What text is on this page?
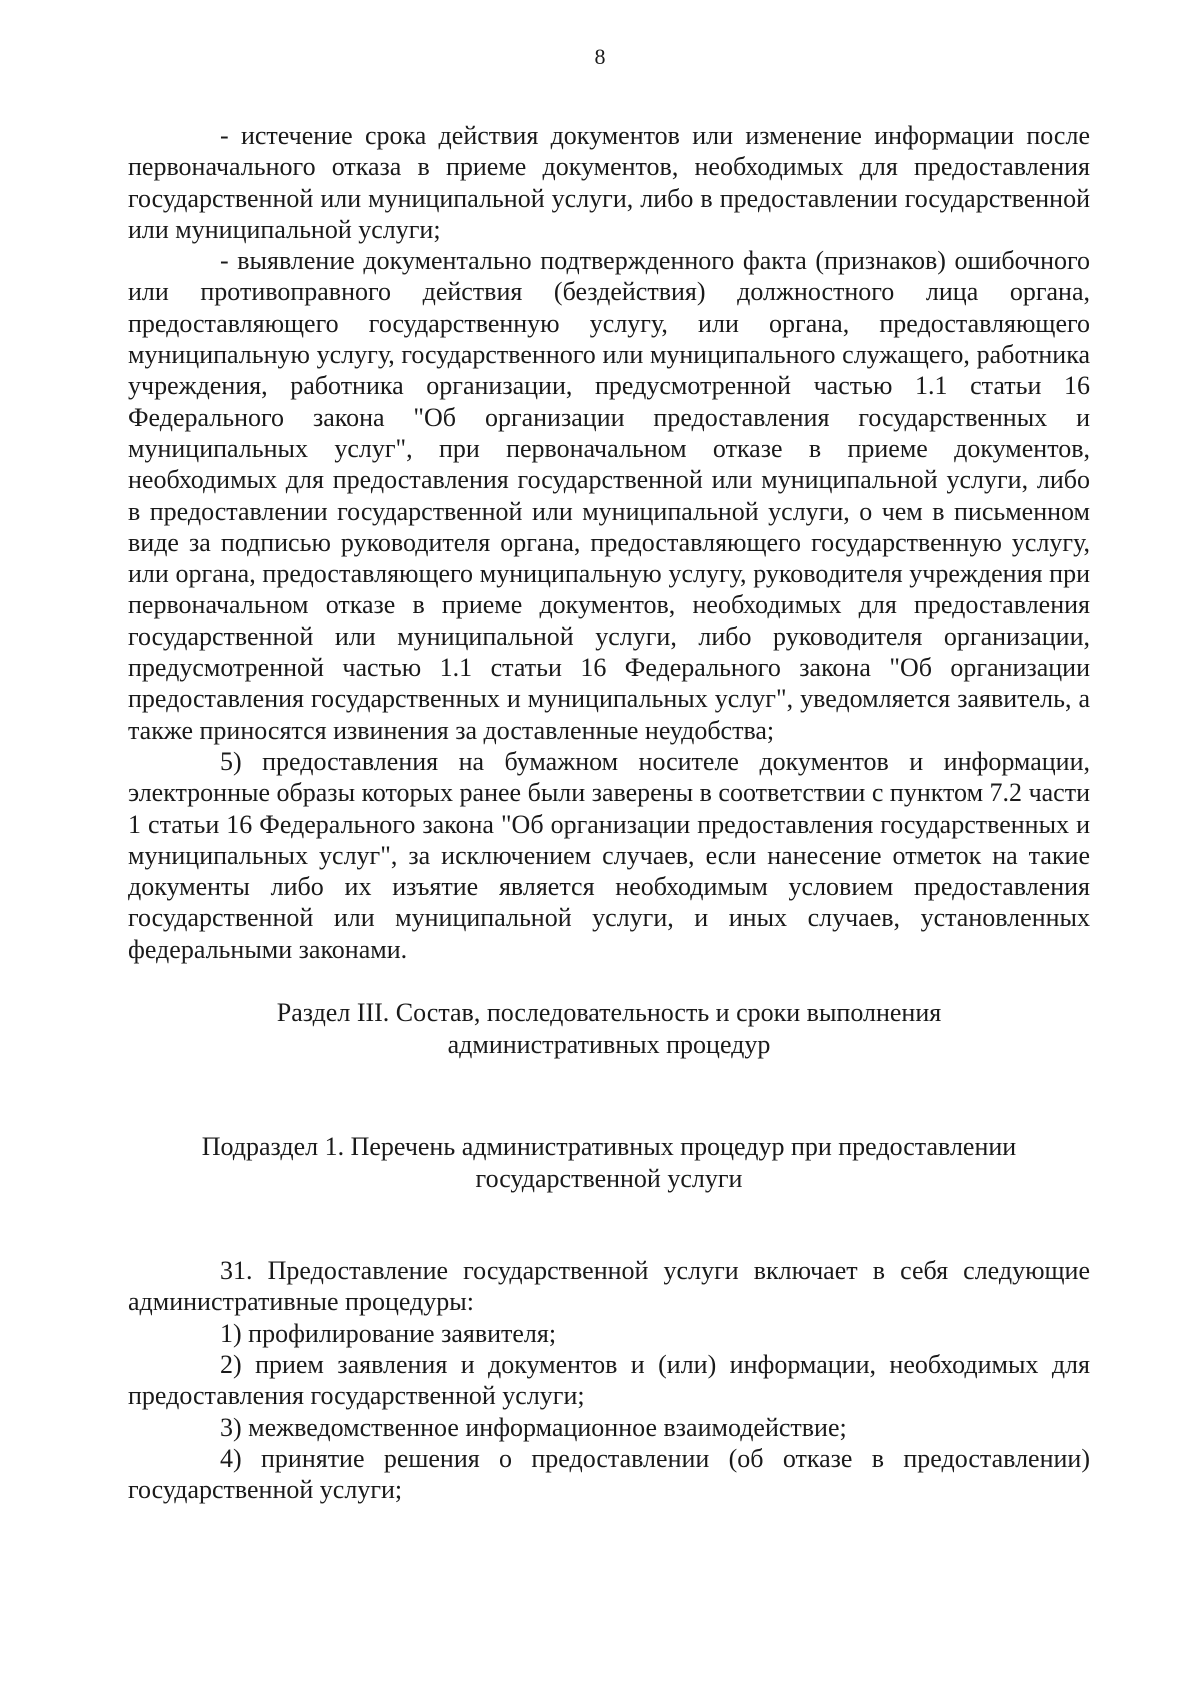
8

- истечение срока действия документов или изменение информации после первоначального отказа в приеме документов, необходимых для предоставления государственной или муниципальной услуги, либо в предоставлении государственной или муниципальной услуги;

- выявление документально подтвержденного факта (признаков) ошибочного или противоправного действия (бездействия) должностного лица органа, предоставляющего государственную услугу, или органа, предоставляющего муниципальную услугу, государственного или муниципального служащего, работника учреждения, работника организации, предусмотренной частью 1.1 статьи 16 Федерального закона "Об организации предоставления государственных и муниципальных услуг", при первоначальном отказе в приеме документов, необходимых для предоставления государственной или муниципальной услуги, либо в предоставлении государственной или муниципальной услуги, о чем в письменном виде за подписью руководителя органа, предоставляющего государственную услугу, или органа, предоставляющего муниципальную услугу, руководителя учреждения при первоначальном отказе в приеме документов, необходимых для предоставления государственной или муниципальной услуги, либо руководителя организации, предусмотренной частью 1.1 статьи 16 Федерального закона "Об организации предоставления государственных и муниципальных услуг", уведомляется заявитель, а также приносятся извинения за доставленные неудобства;

5) предоставления на бумажном носителе документов и информации, электронные образы которых ранее были заверены в соответствии с пунктом 7.2 части 1 статьи 16 Федерального закона "Об организации предоставления государственных и муниципальных услуг", за исключением случаев, если нанесение отметок на такие документы либо их изъятие является необходимым условием предоставления государственной или муниципальной услуги, и иных случаев, установленных федеральными законами.

Раздел III. Состав, последовательность и сроки выполнения
административных процедур

Подраздел 1. Перечень административных процедур при предоставлении
государственной услуги

31. Предоставление государственной услуги включает в себя следующие административные процедуры:

1) профилирование заявителя;

2) прием заявления и документов и (или) информации, необходимых для предоставления государственной услуги;

3) межведомственное информационное взаимодействие;

4) принятие решения о предоставлении (об отказе в предоставлении) государственной услуги;
